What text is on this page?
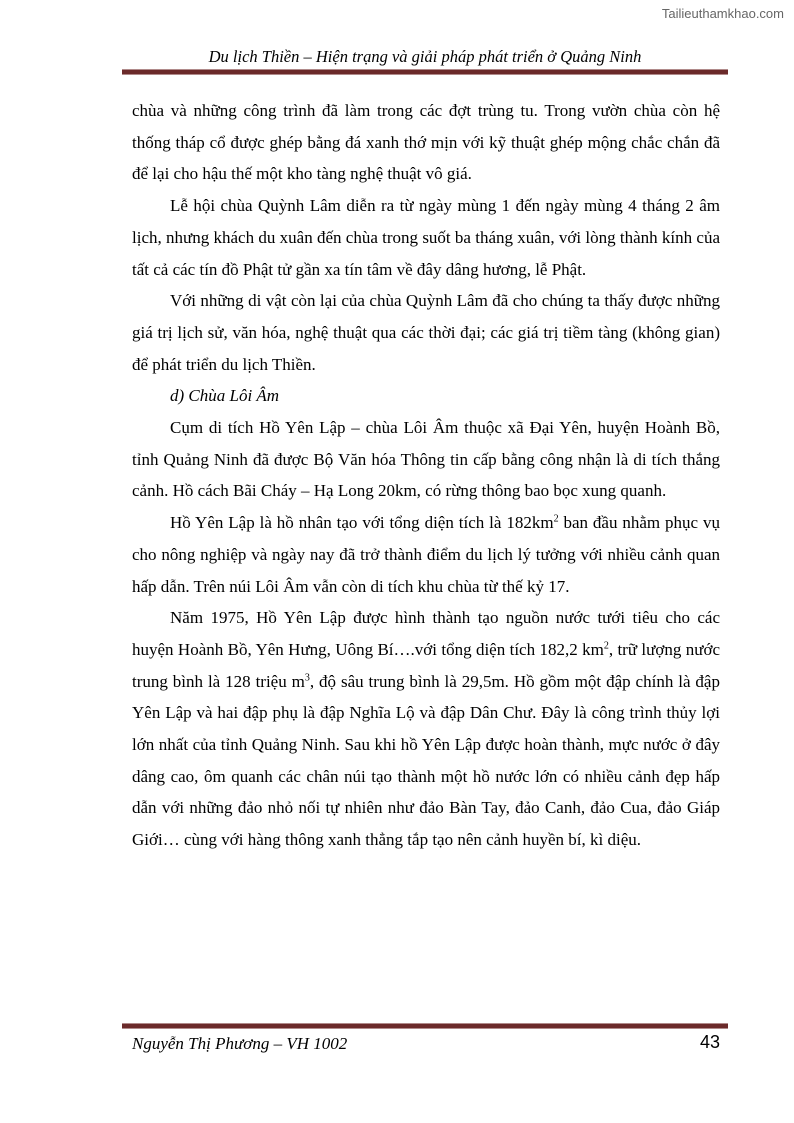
Tailieuthamkhao.com
Du lịch Thiền – Hiện trạng và giải pháp phát triển ở Quảng Ninh

chùa và những công trình đã làm trong các đợt trùng tu. Trong vườn chùa còn hệ thống tháp cổ được ghép bằng đá xanh thớ mịn với kỹ thuật ghép mộng chắc chắn đã để lại cho hậu thế một kho tàng nghệ thuật vô giá.

Lễ hội chùa Quỳnh Lâm diễn ra từ ngày mùng 1 đến ngày mùng 4 tháng 2 âm lịch, nhưng khách du xuân đến chùa trong suốt ba tháng xuân, với lòng thành kính của tất cả các tín đồ Phật tử gần xa tín tâm về đây dâng hương, lễ Phật.

Với những di vật còn lại của chùa Quỳnh Lâm đã cho chúng ta thấy được những giá trị lịch sử, văn hóa, nghệ thuật qua các thời đại; các giá trị tiềm tàng (không gian) để phát triển du lịch Thiền.

d) Chùa Lôi Âm

Cụm di tích Hồ Yên Lập – chùa Lôi Âm thuộc xã Đại Yên, huyện Hoành Bồ, tỉnh Quảng Ninh đã được Bộ Văn hóa Thông tin cấp bằng công nhận là di tích thắng cảnh. Hồ cách Bãi Cháy – Hạ Long 20km, có rừng thông bao bọc xung quanh.

Hồ Yên Lập là hồ nhân tạo với tổng diện tích là $182km^2$ ban đầu nhằm phục vụ cho nông nghiệp và ngày nay đã trở thành điểm du lịch lý tưởng với nhiều cảnh quan hấp dẫn. Trên núi Lôi Âm vẫn còn di tích khu chùa từ thế kỷ 17.

Năm 1975, Hồ Yên Lập được hình thành tạo nguồn nước tưới tiêu cho các huyện Hoành Bồ, Yên Hưng, Uông Bí….với tổng diện tích 182,2 $km^2$, trữ lượng nước trung bình là 128 triệu $m^3$, độ sâu trung bình là 29,5m. Hồ gồm một đập chính là đập Yên Lập và hai đập phụ là đập Nghĩa Lộ và đập Dân Chư. Đây là công trình thủy lợi lớn nhất của tỉnh Quảng Ninh. Sau khi hồ Yên Lập được hoàn thành, mực nước ở đây dâng cao, ôm quanh các chân núi tạo thành một hồ nước lớn có nhiều cảnh đẹp hấp dẫn với những đảo nhỏ nối tự nhiên như đảo Bàn Tay, đảo Canh, đảo Cua, đảo Giáp Giới… cùng với hàng thông xanh thẳng tắp tạo nên cảnh huyền bí, kì diệu.

Nguyễn Thị Phương – VH 1002	43
